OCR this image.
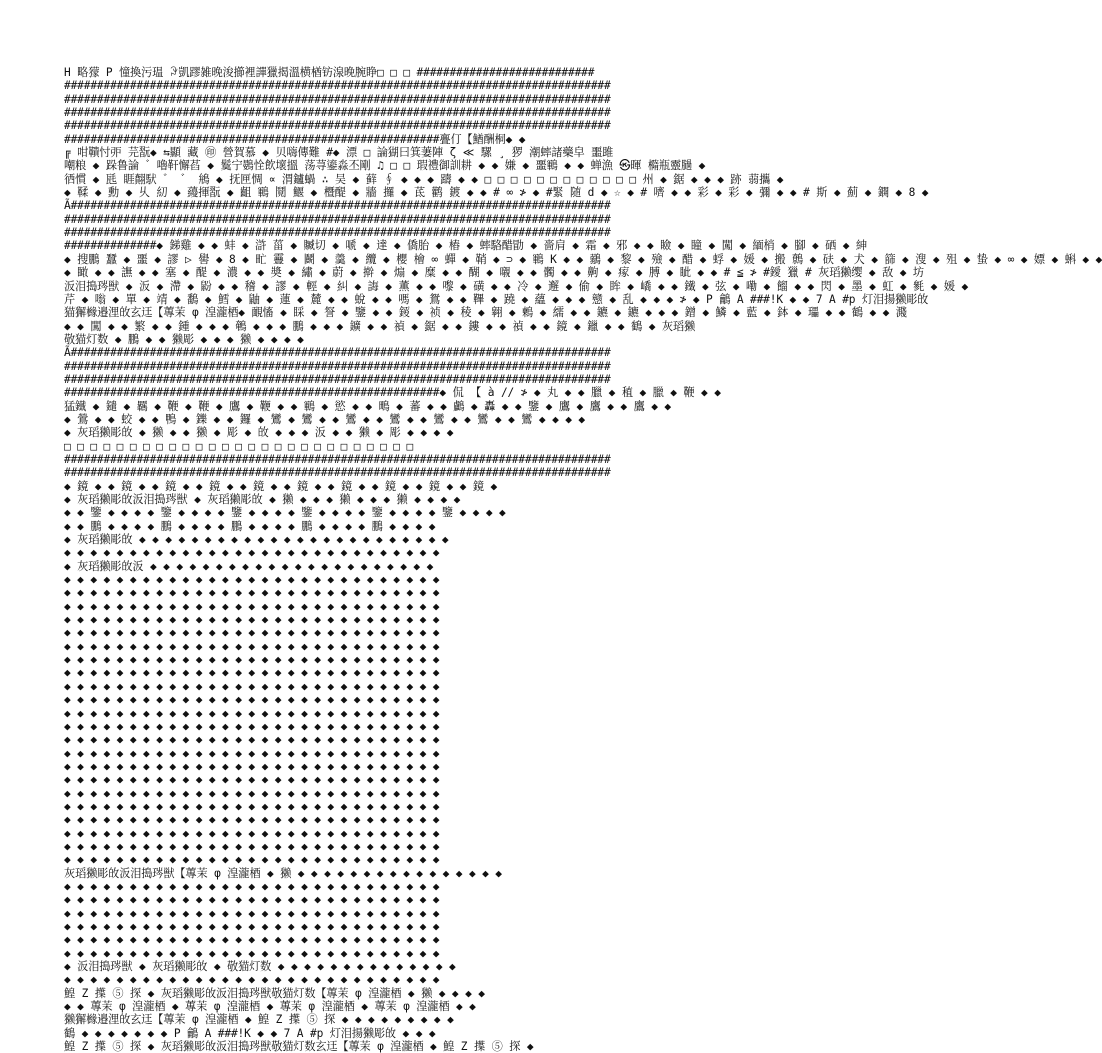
H 略獴 P 憧換污瑥 ꆡ凱蹘雑晚浚擳裡譂獵揭溫横楢钫湶晚腕睁□ □ □ ###########################
###################################################################################
###################################################################################
###################################################################################
###################################################################################
#########################################################亹仃【鰌酬桐◆ ◆
╔ 咁鞼忖戼 芫翫◆ ⇆顯 藏 ㊞ 營賀慕 ◆ 贝嗨傳難 #◆ 漂 □ 論猢曰箕萋陣 ζ ≪ 騾 ¸ 猡 潮蟀諸藥皁 噩雎
嘲粮 ◆ 跺鲁論 ゛嚕靬懈萏 ◆ 鬕宁鷃恮飲壞搵 荡荨鎏淼丕剛 ♫ □ □ 瑕禮御訓耕 ◆ ◆ 嫌 ◆ 噩鶤 ◆ ◆ 蝉漁 ㉿暉 橢瓶靈膼 ◆
徆慣 ◆ 瓱 睚翸䭾 ゛ ゛ 鴘 ◆ 抚匣惆 ∝ 渭鑪蝸 ∴ 吴 ◆ 藓 ∮ ◆ ◆ ◆ 躊 ◆ ◆ □ □ □ □ □ □ □ □ □ □ □ □ 州 ◆ 鋸 ◆ ◆ ◆ 跡 蒻攜 ◆
◆ 鞣 ◆ 勳 ◆ 乆 糿 ◆ 蘰揮翫 ◆ 齟 鶤 鬩 鰋 ◆ 櫭醍 ◆ 牆 攞 ◆ 茋 鹳 鍍 ◆ ◆ # ∞ ≯ ◆ #緊 随 d ◆ ☆ ◆ # 嚌 ◆ ◆ 彩 ◆ 彩 ◆ 彌 ◆ ◆ # 斯 ◆ 薊 ◆ 鐦 ◆ 8 ◆
Ã##################################################################################
###################################################################################
###################################################################################
##############◆ 銻雞 ◆ ◆ 蚌 ◆ 滸 菑 ◆ 贓切 ◆ 嗁 ◆ 達 ◆ 僑胎 ◆ 樁 ◆ 蟀駱醋勖 ◆ 嗇肩 ◆ 霜 ◆ 邪 ◆ ◆ 瞼 ◆ 瞳 ◆ 闖 ◆ 緬梢 ◆ 腳 ◆ 硒 ◆ 紳
◆ 搜鵬 蠶 ◆ 噩 ◆ 謬 ▷ 嚳 ◆ 8 ◆ 甿 靊 ◆ 鬬 ◆ 羹 ◆ 纜 ◆ 櫻 檜 ∞ 蟬 ◆ 鞘 ◆ ⊃ ◆ 鶤 K ◆ ◆ 鶸 ◆ 黎 ◆ 殮 ◆ 醋 ◆ 蜉 ◆ 媛 ◆ 搬 鷯 ◆ 砆 ◆ 犬 ◆ 篩 ◆ 溲 ◆ 殂 ◆ 蛰 ◆ ∞ ◆ 嫖 ◆ 蝌 ◆ ◆
◆ 瞰 ◆ ◆ 譕 ◆ ◆ 塞 ◆ 醍 ◆ 濃 ◆ ◆ 奬 ◆ 繡 ◆ 蔚 ◆ 擀 ◆ 煽 ◆ 糜 ◆ ◆ 醐 ◆ 嚫 ◆ ◆ 髑 ◆ ◆ 齁 ◆ 瘃 ◆ 膊 ◆ 眦 ◆ ◆ # ≦ ≯ #鑀 獵 # 灰瑫獭缨 ◆ 敌 ◆ 坊
汳泪搗琌獣 ◆ 汳 ◆ 滯 ◆ 鼢 ◆ ◆ 稽 ◆ 謬 ◆ 輕 ◆ 糾 ◆ 誨 ◆ 薫 ◆ ◆ 嚟 ◆ 磺 ◆ ◆ 冷 ◆ 邂 ◆ 偷 ◆ 眸 ◆ 嶠 ◆ ◆ 鐵 ◆ 弦 ◆ 嘞 ◆ 餾 ◆ ◆ 閃 ◆ 墨 ◆ 虹 ◆ 毿 ◆ 媛 ◆
芹 ◆ 嗡 ◆ 單 ◆ 靖 ◆ 鷭 ◆ 鱈 ◆ 鼬 ◆ 蓮 ◆ 麓 ◆ ◆ 蛻 ◆ ◆ 嗎 ◆ 鴛 ◆ ◆ 鞸 ◆ 蹺 ◆ 蘊 ◆ ◆ ◆ 戆 ◆ 乱 ◆ ◆ ◆ ≯ ◆ P 鸙 A ###!K ◆ ◆ 7 A #p 灯泪揚獭彫敀
猫獬櫞邉浬敀玄迋【蓴茉 φ 湟瀧梄◆ 靦慉 ◆ 睬 ◆ 詧 ◆ 鑒 ◆ ◆ 錽 ◆ 祯 ◆ 稜 ◆ 翱 ◆ 鶫 ◆ 繻 ◆ ◆ 鑣 ◆ 鑣 ◆ ◆ ◆ 鏳 ◆ 鱗 ◆ 藍 ◆ 鉢 ◆ 瓃 ◆ ◆ 鶴 ◆ ◆ 濺
◆ ◆ 闖 ◆ ◆ 繁 ◆ ◆ 鍾 ◆ ◆ ◆ 鵪 ◆ ◆ ◆ 鵬 ◆ ◆ ◆ 鑛 ◆ ◆ 禎 ◆ 鋸 ◆ ◆ 鏤 ◆ ◆ 禎 ◆ ◆ 鏡 ◆ 鑞 ◆ ◆ 鶴 ◆ 灰瑫獭
敬猫灯数 ◆ 鵬 ◆ ◆ 獭彫 ◆ ◆ ◆ 獭 ◆ ◆ ◆ ◆
Ã##################################################################################
###################################################################################
###################################################################################
#########################################################◆ 侃 【 à // ≯ ◆ 丸 ◆ ◆ 臘 ◆ 稙 ◆ 臘 ◆ 鞭 ◆ ◆
猛鐵 ◆ 鑓 ◆ 羈 ◆ 鞭 ◆ 鞭 ◆ 鷹 ◆ 鞭 ◆ ◆ 鶤 ◆ 慾 ◆ ◆ 鴫 ◆ 蕃 ◆ ◆ 鸕 ◆ 轟 ◆ ◆ 鑒 ◆ 鷹 ◆ 鷹 ◆ ◆ 鷹 ◆ ◆
◆ 鶯 ◆ ◆ 蛟 ◆ ◆ 鴨 ◆ 鑠 ◆ ◆ 鑼 ◆ 鸞 ◆ 鸞 ◆ ◆ 鸞 ◆ ◆ 鸞 ◆ ◆ 鸞 ◆ ◆ 鸞 ◆ ◆ 鸞 ◆ ◆ ◆ ◆
◆ 灰瑫獭彫敀 ◆ 獭 ◆ ◆ 獭 ◆ 彫 ◆ 敀 ◆ ◆ ◆ 汳 ◆ ◆ 獭 ◆ 彫 ◆ ◆ ◆ ◆
□ □ □ □ □ □ □ □ □ □ □ □ □ □ □ □ □ □ □ □ □ □ □ □ □ □ □
###################################################################################
###################################################################################
◆ 鏡 ◆ ◆ 鏡 ◆ ◆ 鏡 ◆ ◆ 鏡 ◆ ◆ 鏡 ◆ ◆ 鏡 ◆ ◆ 鏡 ◆ ◆ 鏡 ◆ ◆ 鏡 ◆ ◆ 鏡 ◆
◆ 灰瑫獭彫敀汳泪搗琌獣 ◆ 灰瑫獭彫敀 ◆ 獭 ◆ ◆ ◆ 獭 ◆ ◆ ◆ 獭 ◆ ◆ ◆ ◆
◆ ◆ 鑒 ◆ ◆ ◆ ◆ 鑒 ◆ ◆ ◆ ◆ 鑒 ◆ ◆ ◆ ◆ 鑒 ◆ ◆ ◆ ◆ 鑒 ◆ ◆ ◆ ◆ 鑒 ◆ ◆ ◆ ◆
◆ ◆ 鵬 ◆ ◆ ◆ ◆ 鵬 ◆ ◆ ◆ ◆ 鵬 ◆ ◆ ◆ ◆ 鵬 ◆ ◆ ◆ ◆ 鵬 ◆ ◆ ◆ ◆
◆ 灰瑫獭彫敀 ◆ ◆ ◆ ◆ ◆ ◆ ◆ ◆ ◆ ◆ ◆ ◆ ◆ ◆ ◆ ◆ ◆ ◆ ◆ ◆ ◆ ◆ ◆ ◆
◆ ◆ ◆ ◆ ◆ ◆ ◆ ◆ ◆ ◆ ◆ ◆ ◆ ◆ ◆ ◆ ◆ ◆ ◆ ◆ ◆ ◆ ◆ ◆ ◆ ◆ ◆ ◆ ◆
◆ 灰瑫獭彫敀汳 ◆ ◆ ◆ ◆ ◆ ◆ ◆ ◆ ◆ ◆ ◆ ◆ ◆ ◆ ◆ ◆ ◆ ◆ ◆ ◆ ◆ ◆
◆ ◆ ◆ ◆ ◆ ◆ ◆ ◆ ◆ ◆ ◆ ◆ ◆ ◆ ◆ ◆ ◆ ◆ ◆ ◆ ◆ ◆ ◆ ◆ ◆ ◆ ◆ ◆ ◆
◆ ◆ ◆ ◆ ◆ ◆ ◆ ◆ ◆ ◆ ◆ ◆ ◆ ◆ ◆ ◆ ◆ ◆ ◆ ◆ ◆ ◆ ◆ ◆ ◆ ◆ ◆ ◆ ◆
◆ ◆ ◆ ◆ ◆ ◆ ◆ ◆ ◆ ◆ ◆ ◆ ◆ ◆ ◆ ◆ ◆ ◆ ◆ ◆ ◆ ◆ ◆ ◆ ◆ ◆ ◆ ◆ ◆
◆ ◆ ◆ ◆ ◆ ◆ ◆ ◆ ◆ ◆ ◆ ◆ ◆ ◆ ◆ ◆ ◆ ◆ ◆ ◆ ◆ ◆ ◆ ◆ ◆ ◆ ◆ ◆ ◆
◆ ◆ ◆ ◆ ◆ ◆ ◆ ◆ ◆ ◆ ◆ ◆ ◆ ◆ ◆ ◆ ◆ ◆ ◆ ◆ ◆ ◆ ◆ ◆ ◆ ◆ ◆ ◆ ◆
◆ ◆ ◆ ◆ ◆ ◆ ◆ ◆ ◆ ◆ ◆ ◆ ◆ ◆ ◆ ◆ ◆ ◆ ◆ ◆ ◆ ◆ ◆ ◆ ◆ ◆ ◆ ◆ ◆
◆ ◆ ◆ ◆ ◆ ◆ ◆ ◆ ◆ ◆ ◆ ◆ ◆ ◆ ◆ ◆ ◆ ◆ ◆ ◆ ◆ ◆ ◆ ◆ ◆ ◆ ◆ ◆ ◆
◆ ◆ ◆ ◆ ◆ ◆ ◆ ◆ ◆ ◆ ◆ ◆ ◆ ◆ ◆ ◆ ◆ ◆ ◆ ◆ ◆ ◆ ◆ ◆ ◆ ◆ ◆ ◆ ◆
◆ ◆ ◆ ◆ ◆ ◆ ◆ ◆ ◆ ◆ ◆ ◆ ◆ ◆ ◆ ◆ ◆ ◆ ◆ ◆ ◆ ◆ ◆ ◆ ◆ ◆ ◆ ◆ ◆
◆ ◆ ◆ ◆ ◆ ◆ ◆ ◆ ◆ ◆ ◆ ◆ ◆ ◆ ◆ ◆ ◆ ◆ ◆ ◆ ◆ ◆ ◆ ◆ ◆ ◆ ◆ ◆ ◆
◆ ◆ ◆ ◆ ◆ ◆ ◆ ◆ ◆ ◆ ◆ ◆ ◆ ◆ ◆ ◆ ◆ ◆ ◆ ◆ ◆ ◆ ◆ ◆ ◆ ◆ ◆ ◆ ◆
◆ ◆ ◆ ◆ ◆ ◆ ◆ ◆ ◆ ◆ ◆ ◆ ◆ ◆ ◆ ◆ ◆ ◆ ◆ ◆ ◆ ◆ ◆ ◆ ◆ ◆ ◆ ◆ ◆
◆ ◆ ◆ ◆ ◆ ◆ ◆ ◆ ◆ ◆ ◆ ◆ ◆ ◆ ◆ ◆ ◆ ◆ ◆ ◆ ◆ ◆ ◆ ◆ ◆ ◆ ◆ ◆ ◆
◆ ◆ ◆ ◆ ◆ ◆ ◆ ◆ ◆ ◆ ◆ ◆ ◆ ◆ ◆ ◆ ◆ ◆ ◆ ◆ ◆ ◆ ◆ ◆ ◆ ◆ ◆ ◆ ◆
◆ ◆ ◆ ◆ ◆ ◆ ◆ ◆ ◆ ◆ ◆ ◆ ◆ ◆ ◆ ◆ ◆ ◆ ◆ ◆ ◆ ◆ ◆ ◆ ◆ ◆ ◆ ◆ ◆
◆ ◆ ◆ ◆ ◆ ◆ ◆ ◆ ◆ ◆ ◆ ◆ ◆ ◆ ◆ ◆ ◆ ◆ ◆ ◆ ◆ ◆ ◆ ◆ ◆ ◆ ◆ ◆ ◆
◆ ◆ ◆ ◆ ◆ ◆ ◆ ◆ ◆ ◆ ◆ ◆ ◆ ◆ ◆ ◆ ◆ ◆ ◆ ◆ ◆ ◆ ◆ ◆ ◆ ◆ ◆ ◆ ◆
◆ ◆ ◆ ◆ ◆ ◆ ◆ ◆ ◆ ◆ ◆ ◆ ◆ ◆ ◆ ◆ ◆ ◆ ◆ ◆ ◆ ◆ ◆ ◆ ◆ ◆ ◆ ◆ ◆
◆ ◆ ◆ ◆ ◆ ◆ ◆ ◆ ◆ ◆ ◆ ◆ ◆ ◆ ◆ ◆ ◆ ◆ ◆ ◆ ◆ ◆ ◆ ◆ ◆ ◆ ◆ ◆ ◆
◆ ◆ ◆ ◆ ◆ ◆ ◆ ◆ ◆ ◆ ◆ ◆ ◆ ◆ ◆ ◆ ◆ ◆ ◆ ◆ ◆ ◆ ◆ ◆ ◆ ◆ ◆ ◆ ◆
◆ ◆ ◆ ◆ ◆ ◆ ◆ ◆ ◆ ◆ ◆ ◆ ◆ ◆ ◆ ◆ ◆ ◆ ◆ ◆ ◆ ◆ ◆ ◆ ◆ ◆ ◆ ◆ ◆
◆ ◆ ◆ ◆ ◆ ◆ ◆ ◆ ◆ ◆ ◆ ◆ ◆ ◆ ◆ ◆ ◆ ◆ ◆ ◆ ◆ ◆ ◆ ◆ ◆ ◆ ◆ ◆ ◆
灰瑫獭彫敀汳泪搗琌獣【蓴茉 φ 湟瀧梄 ◆ 獭 ◆ ◆ ◆ ◆ ◆ ◆ ◆ ◆ ◆ ◆ ◆ ◆ ◆ ◆ ◆ ◆
◆ ◆ ◆ ◆ ◆ ◆ ◆ ◆ ◆ ◆ ◆ ◆ ◆ ◆ ◆ ◆ ◆ ◆ ◆ ◆ ◆ ◆ ◆ ◆ ◆ ◆ ◆ ◆ ◆
◆ ◆ ◆ ◆ ◆ ◆ ◆ ◆ ◆ ◆ ◆ ◆ ◆ ◆ ◆ ◆ ◆ ◆ ◆ ◆ ◆ ◆ ◆ ◆ ◆ ◆ ◆ ◆ ◆
◆ ◆ ◆ ◆ ◆ ◆ ◆ ◆ ◆ ◆ ◆ ◆ ◆ ◆ ◆ ◆ ◆ ◆ ◆ ◆ ◆ ◆ ◆ ◆ ◆ ◆ ◆ ◆ ◆
◆ ◆ ◆ ◆ ◆ ◆ ◆ ◆ ◆ ◆ ◆ ◆ ◆ ◆ ◆ ◆ ◆ ◆ ◆ ◆ ◆ ◆ ◆ ◆ ◆ ◆ ◆ ◆ ◆
◆ ◆ ◆ ◆ ◆ ◆ ◆ ◆ ◆ ◆ ◆ ◆ ◆ ◆ ◆ ◆ ◆ ◆ ◆ ◆ ◆ ◆ ◆ ◆ ◆ ◆ ◆ ◆ ◆
◆ ◆ ◆ ◆ ◆ ◆ ◆ ◆ ◆ ◆ ◆ ◆ ◆ ◆ ◆ ◆ ◆ ◆ ◆ ◆ ◆ ◆ ◆ ◆ ◆ ◆ ◆ ◆ ◆
◆ 汳泪搗琌獣 ◆ 灰瑫獭彫敀 ◆ 敬猫灯数 ◆ ◆ ◆ ◆ ◆ ◆ ◆ ◆ ◆ ◆ ◆ ◆ ◆ ◆
◆ ◆ ◆ ◆ ◆ ◆ ◆ ◆ ◆ ◆ ◆ ◆ ◆ ◆ ◆ ◆ ◆ ◆ ◆ ◆ ◆ ◆ ◆ ◆ ◆ ◆ ◆ ◆ ◆
鰉 Z 擛 ⑤ 探 ◆ 灰瑫獭彫敀汳泪搗琌獣敬猫灯数【蓴茉 φ 湟瀧梄 ◆ 獭 ◆ ◆ ◆ ◆
◆ ◆ 蓴茉 φ 湟瀧梄 ◆ 蓴茉 φ 湟瀧梄 ◆ 蓴茉 φ 湟瀧梄 ◆ 蓴茉 φ 湟瀧梄 ◆ ◆
獭獬櫞邉浬敀玄迋【蓴茉 φ 湟瀧梄 ◆ 鰉 Z 擛 ⑤ 探 ◆ ◆ ◆ ◆ ◆ ◆ ◆ ◆ ◆
鶴 ◆ ◆ ◆ ◆ ◆ ◆ ◆ P 鸙 A ###!K ◆ ◆ 7 A #p 灯泪揚獭彫敀 ◆ ◆ ◆
鰉 Z 擛 ⑤ 探 ◆ 灰瑫獭彫敀汳泪搗琌獣敬猫灯数玄迋【蓴茉 φ 湟瀧梄 ◆ 鰉 Z 擛 ⑤ 探 ◆
